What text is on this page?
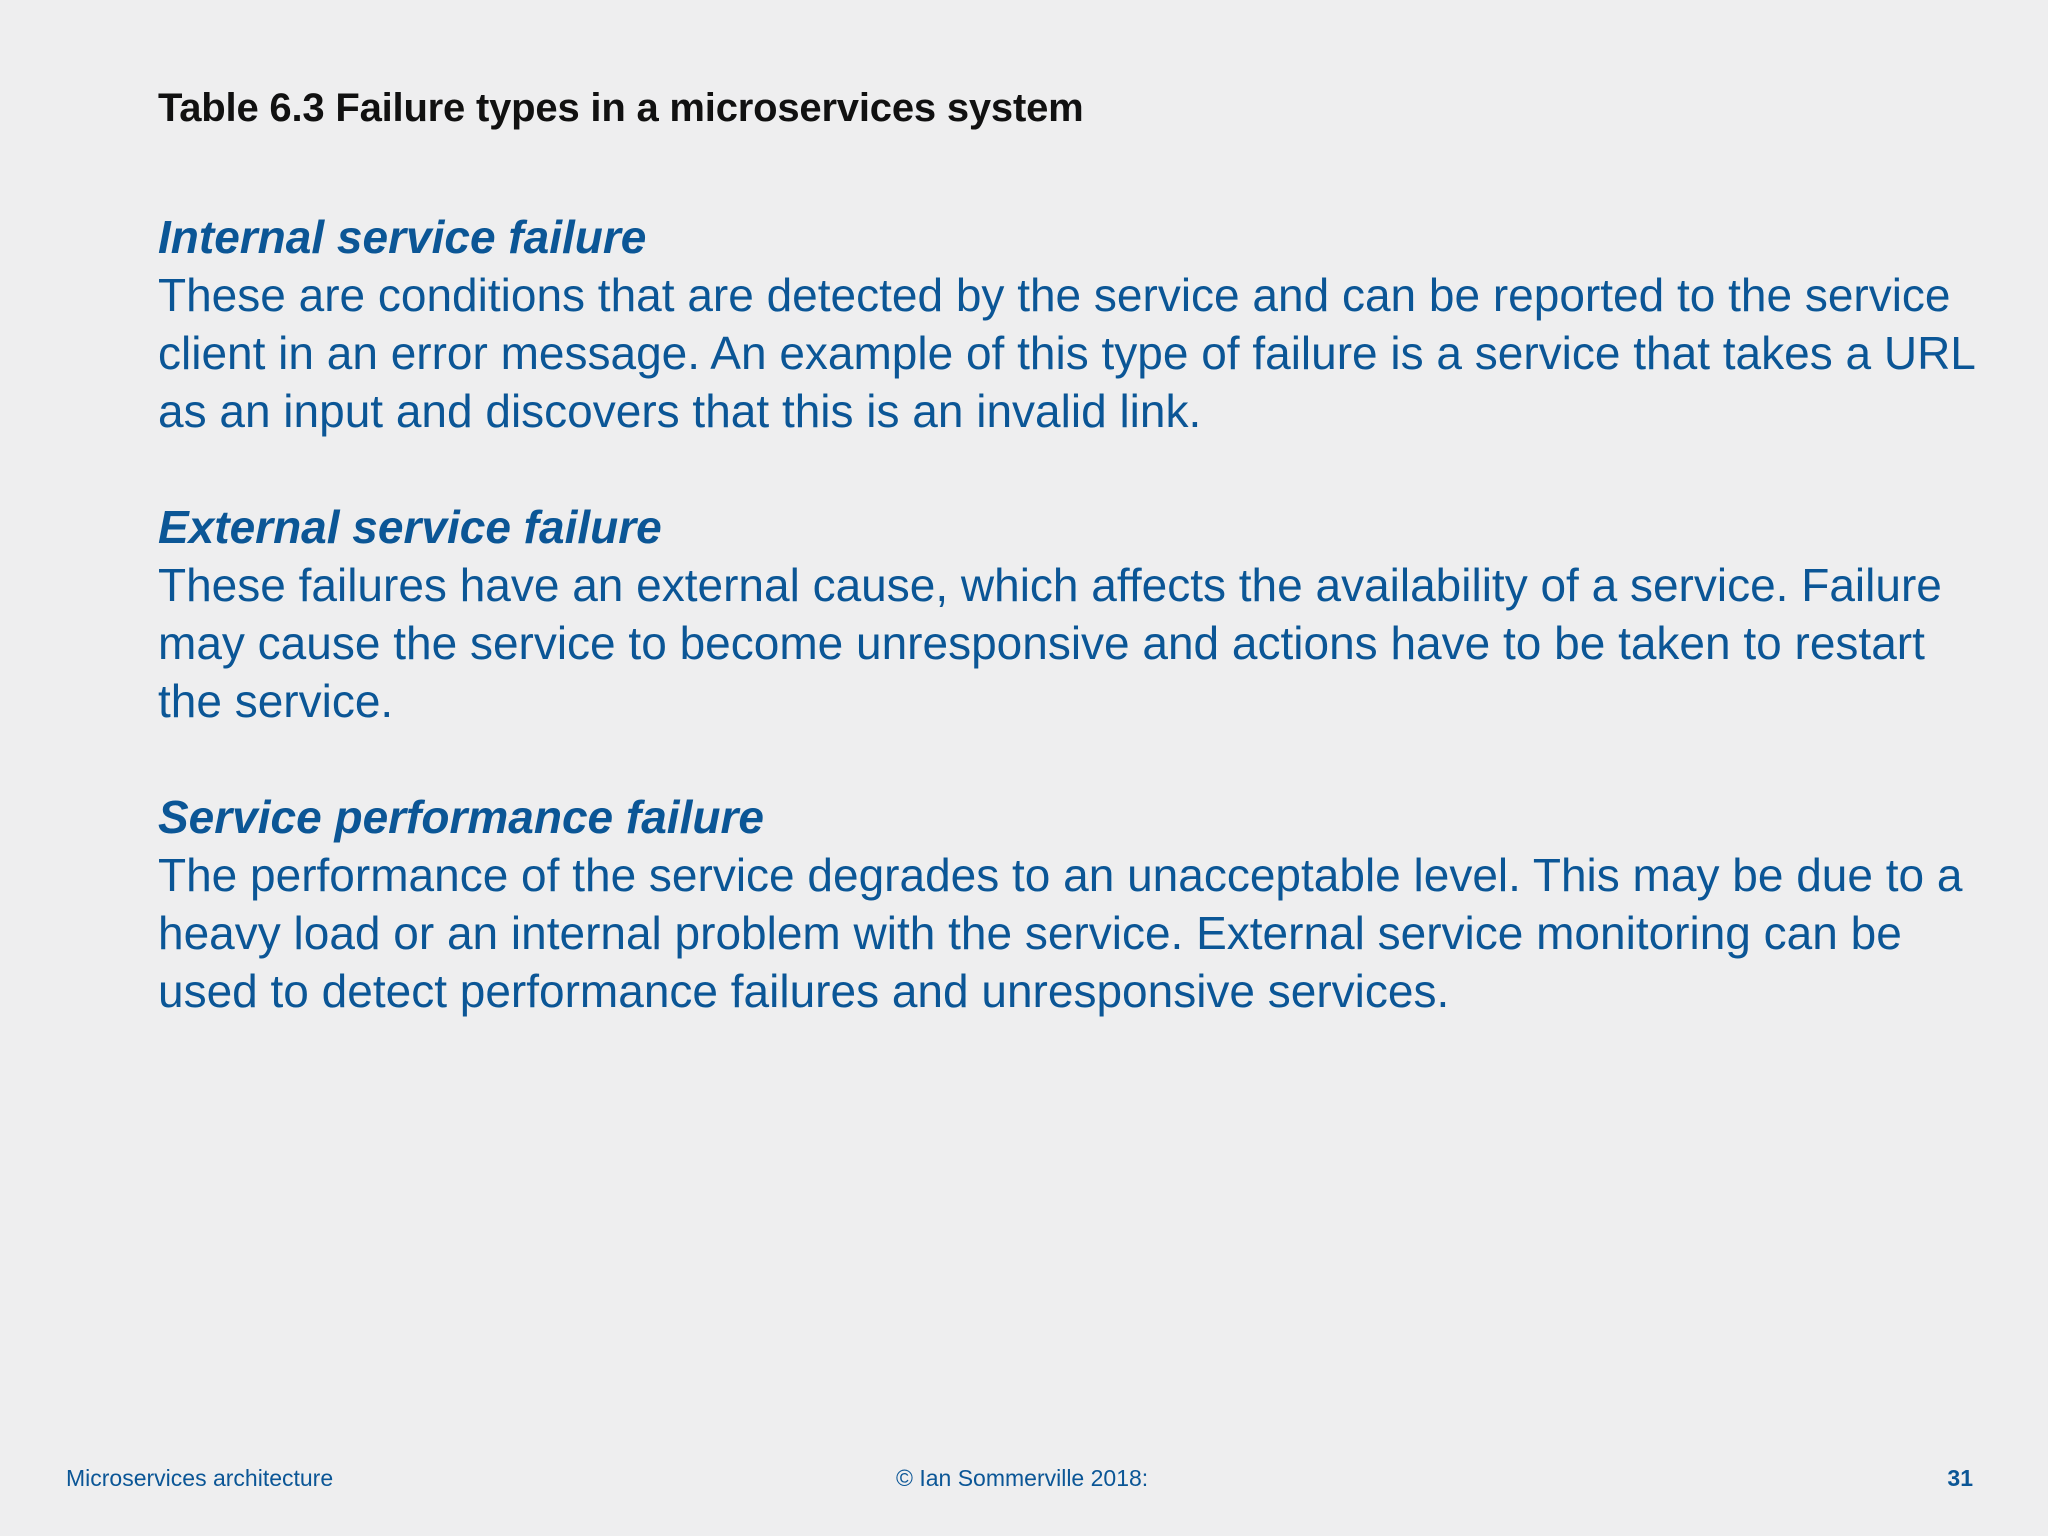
Table 6.3 Failure types in a microservices system

Internal service failure

These are conditions that are detected by the service and can be reported to the service client in an error message. An example of this type of failure is a service that takes a URL as an input and discovers that this is an invalid link.

External service failure

These failures have an external cause, which affects the availability of a service. Failure may cause the service to become unresponsive and actions have to be taken to restart the service.

Service performance failure

The performance of the service degrades to an unacceptable level. This may be due to a heavy load or an internal problem with the service. External service monitoring can be used to detect performance failures and unresponsive services.

Microservices architecture	© Ian Sommerville 2018:	31
